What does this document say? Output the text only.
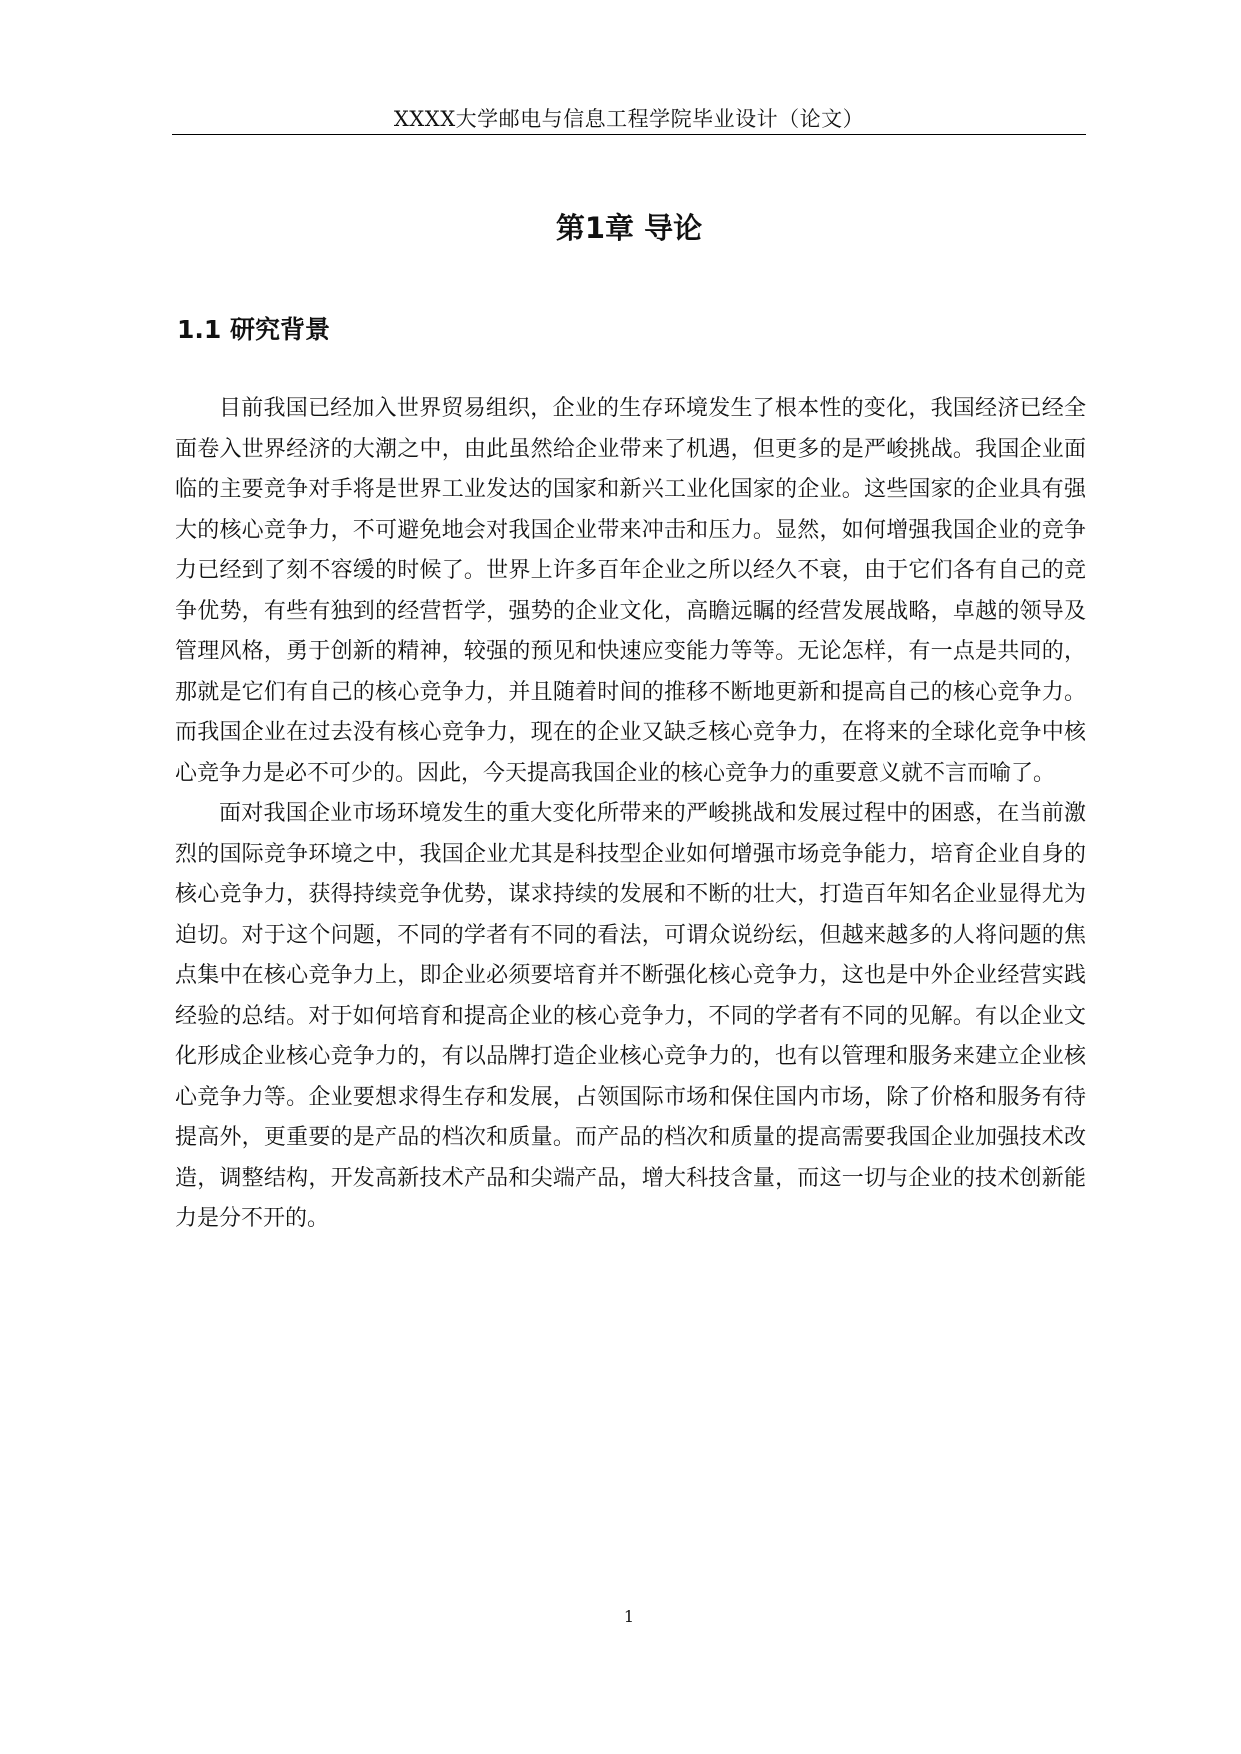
XXXX大学邮电与信息工程学院毕业设计（论文）
第1章 导论
1.1 研究背景

目前我国已经加入世界贸易组织，企业的生存环境发生了根本性的变化，我国经济已经全面卷入世界经济的大潮之中，由此虽然给企业带来了机遇，但更多的是严峻挑战。我国企业面临的主要竞争对手将是世界工业发达的国家和新兴工业化国家的企业。这些国家的企业具有强大的核心竞争力，不可避免地会对我国企业带来冲击和压力。显然，如何增强我国企业的竞争力已经到了刻不容缓的时候了。世界上许多百年企业之所以经久不衰，由于它们各有自己的竞争优势，有些有独到的经营哲学，强势的企业文化，高瞻远瞩的经营发展战略，卓越的领导及管理风格，勇于创新的精神，较强的预见和快速应变能力等等。无论怎样，有一点是共同的，那就是它们有自己的核心竞争力，并且随着时间的推移不断地更新和提高自己的核心竞争力。而我国企业在过去没有核心竞争力，现在的企业又缺乏核心竞争力，在将来的全球化竞争中核心竞争力是必不可少的。因此，今天提高我国企业的核心竞争力的重要意义就不言而喻了。

面对我国企业市场环境发生的重大变化所带来的严峻挑战和发展过程中的困惑，在当前激烈的国际竞争环境之中，我国企业尤其是科技型企业如何增强市场竞争能力，培育企业自身的核心竞争力，获得持续竞争优势，谋求持续的发展和不断的壮大，打造百年知名企业显得尤为迫切。对于这个问题，不同的学者有不同的看法，可谓众说纷纭，但越来越多的人将问题的焦点集中在核心竞争力上，即企业必须要培育并不断强化核心竞争力，这也是中外企业经营实践经验的总结。对于如何培育和提高企业的核心竞争力，不同的学者有不同的见解。有以企业文化形成企业核心竞争力的，有以品牌打造企业核心竞争力的，也有以管理和服务来建立企业核心竞争力等。企业要想求得生存和发展，占领国际市场和保住国内市场，除了价格和服务有待提高外，更重要的是产品的档次和质量。而产品的档次和质量的提高需要我国企业加强技术改造，调整结构，开发高新技术产品和尖端产品，增大科技含量，而这一切与企业的技术创新能力是分不开的。

1
